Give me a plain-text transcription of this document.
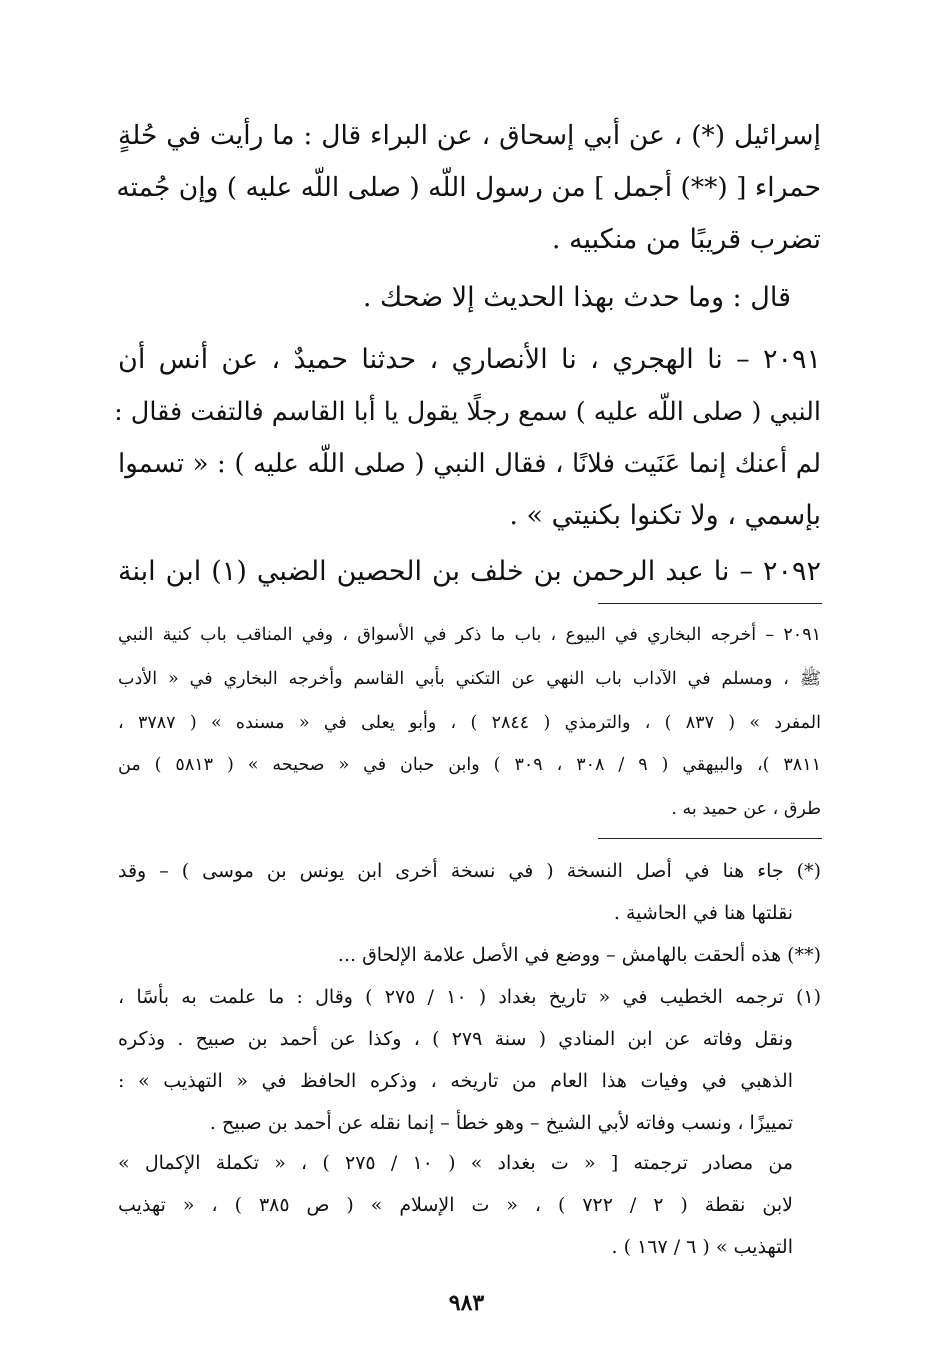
إسرائيل (*) ، عن أبي إسحاق ، عن البراء قال : ما رأيت في حُلةٍ
حمراء [ (**) أجمل ] من رسول اللّه ( صلى اللّه عليه ) وإن جُمته
تضرب قريبًا من منكبيه .
قال : وما حدث بهذا الحديث إلا ضحك .
٢٠٩١ – نا الهجري ، نا الأنصاري ، حدثنا حميدٌ ، عن أنس أن
النبي ( صلى اللّه عليه ) سمع رجلًا يقول يا أبا القاسم فالتفت فقال :
لم أعنك إنما عَنَيت فلانًا ، فقال النبي ( صلى اللّه عليه ) : « تسموا
بإسمي ، ولا تكنوا بكنيتي » .
٢٠٩٢ – نا عبد الرحمن بن خلف بن الحصين الضبي (١) ابن ابنة
٢٠٩١ – أخرجه البخاري في البيوع ، باب ما ذكر في الأسواق ، وفي المناقب باب كنية النبي
ﷺ ، ومسلم في الآداب باب النهي عن التكني بأبي القاسم وأخرجه البخاري في « الأدب
المفرد » ( ٨٣٧ ) ، والترمذي ( ٢٨٤٤ ) ، وأبو يعلى في « مسنده » ( ٣٧٨٧ ،
٣٨١١ )، والبيهقي ( ٩ / ٣٠٨ ، ٣٠٩ ) وابن حبان في « صحيحه » ( ٥٨١٣ ) من
طرق ، عن حميد به .
(*) جاء هنا في أصل النسخة ( في نسخة أخرى ابن يونس بن موسى ) – وقد
نقلتها هنا في الحاشية .
(**) هذه ألحقت بالهامش – ووضع في الأصل علامة الإلحاق ...
(١) ترجمه الخطيب في « تاريخ بغداد ( ١٠ / ٢٧٥ ) وقال : ما علمت به بأسًا ،
ونقل وفاته عن ابن المنادي ( سنة ٢٧٩ ) ، وكذا عن أحمد بن صبيح . وذكره
الذهبي في وفيات هذا العام من تاريخه ، وذكره الحافظ في « التهذيب » :
تمييزًا ، ونسب وفاته لأبي الشيخ – وهو خطأ – إنما نقله عن أحمد بن صبيح .
من مصادر ترجمته [ « ت بغداد » ( ١٠ / ٢٧٥ ) ، « تكملة الإكمال »
لابن نقطة ( ٢ / ٧٢٢ ) ، « ت الإسلام » ( ص ٣٨٥ ) ، « تهذيب
التهذيب » ( ٦ / ١٦٧ ) .
٩٨٣
